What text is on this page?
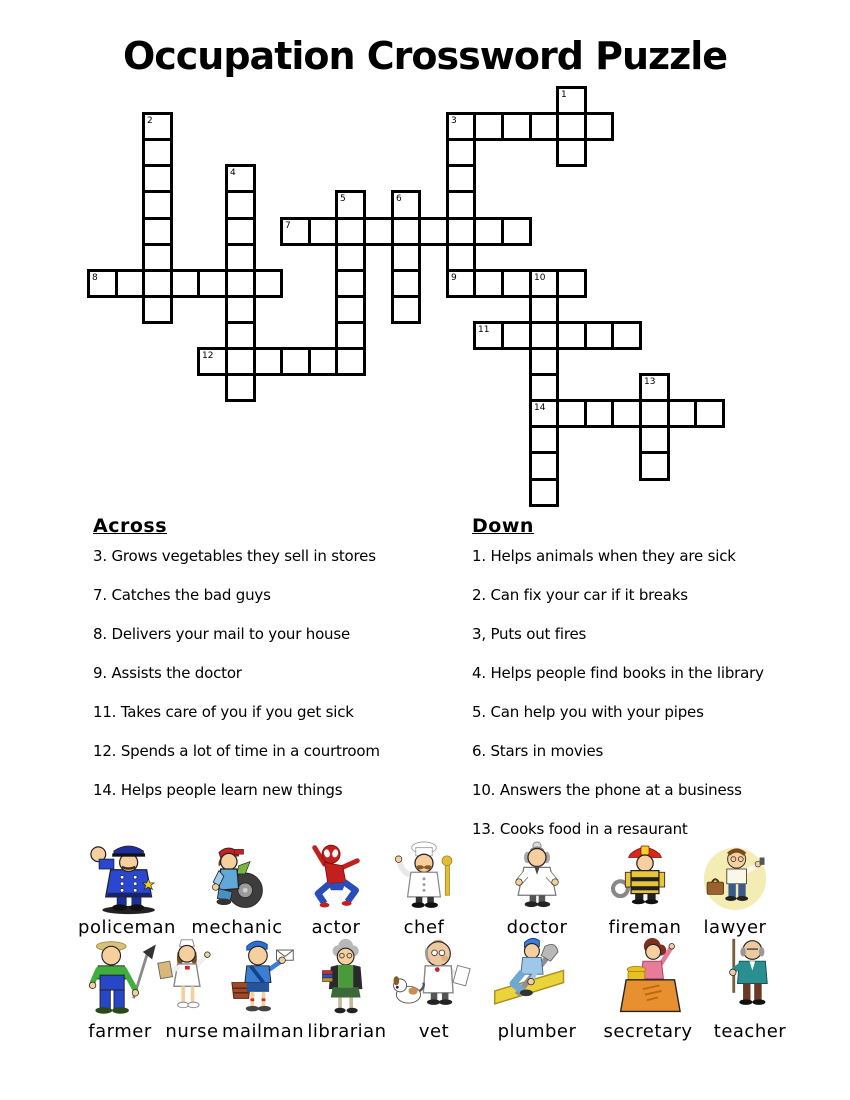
Occupation Crossword Puzzle
1
2	3
4
5	6
7
8	9	10
11
12
13
14
Across
3. Grows vegetables they sell in stores
7. Catches the bad guys
8. Delivers your mail to your house
9. Assists the doctor
11. Takes care of you if you get sick
12. Spends a lot of time in a courtroom
14. Helps people learn new things
Down
1. Helps animals when they are sick
2. Can fix your car if it breaks
3, Puts out fires
4. Helps people find books in the library
5. Can help you with your pipes
6. Stars in movies
10. Answers the phone at a business
13. Cooks food in a resaurant
policeman mechanic	actor	chef	doctor	fireman	lawyer
farmer nurse mailman librarian	vet	plumber	secretary	teacher
